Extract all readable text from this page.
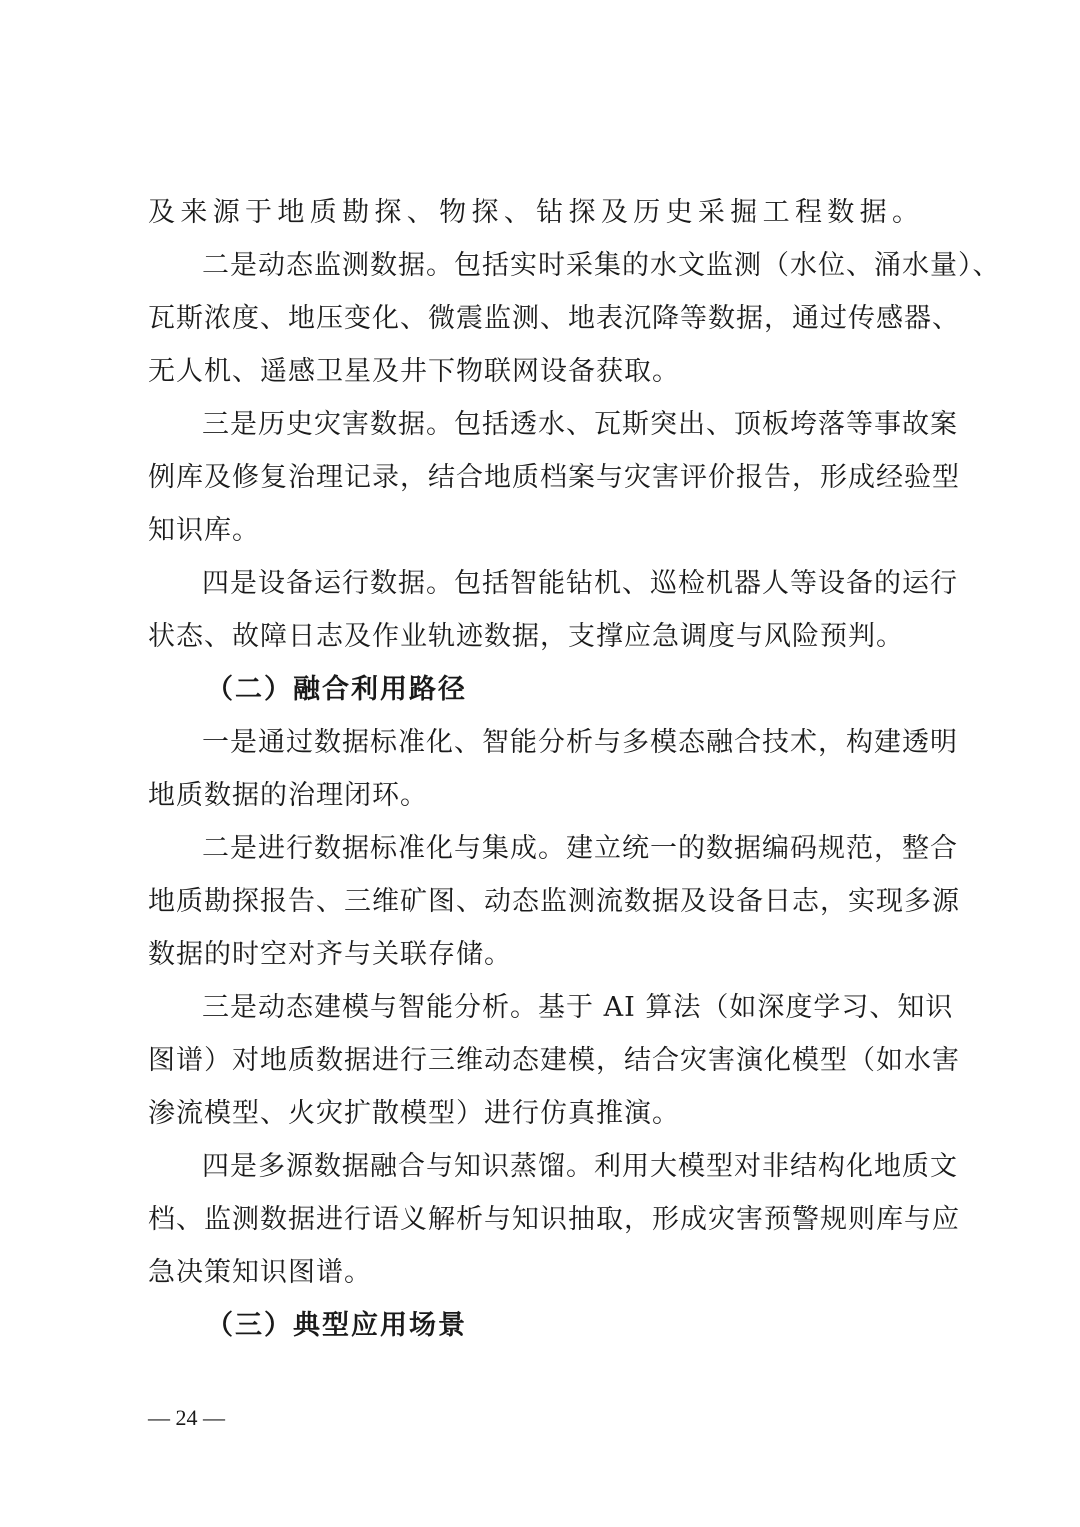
及来源于地质勘探、物探、钻探及历史采掘工程数据。
二是动态监测数据。包括实时采集的水文监测（水位、涌水量）、
瓦斯浓度、地压变化、微震监测、地表沉降等数据，通过传感器、
无人机、遥感卫星及井下物联网设备获取。
三是历史灾害数据。包括透水、瓦斯突出、顶板垮落等事故案
例库及修复治理记录，结合地质档案与灾害评价报告，形成经验型
知识库。
四是设备运行数据。包括智能钻机、巡检机器人等设备的运行
状态、故障日志及作业轨迹数据，支撑应急调度与风险预判。
（二）融合利用路径
一是通过数据标准化、智能分析与多模态融合技术，构建透明
地质数据的治理闭环。
二是进行数据标准化与集成。建立统一的数据编码规范，整合
地质勘探报告、三维矿图、动态监测流数据及设备日志，实现多源
数据的时空对齐与关联存储。
三是动态建模与智能分析。基于 AI 算法（如深度学习、知识
图谱）对地质数据进行三维动态建模，结合灾害演化模型（如水害
渗流模型、火灾扩散模型）进行仿真推演。
四是多源数据融合与知识蒸馏。利用大模型对非结构化地质文
档、监测数据进行语义解析与知识抽取，形成灾害预警规则库与应
急决策知识图谱。
（三）典型应用场景
— 24 —
